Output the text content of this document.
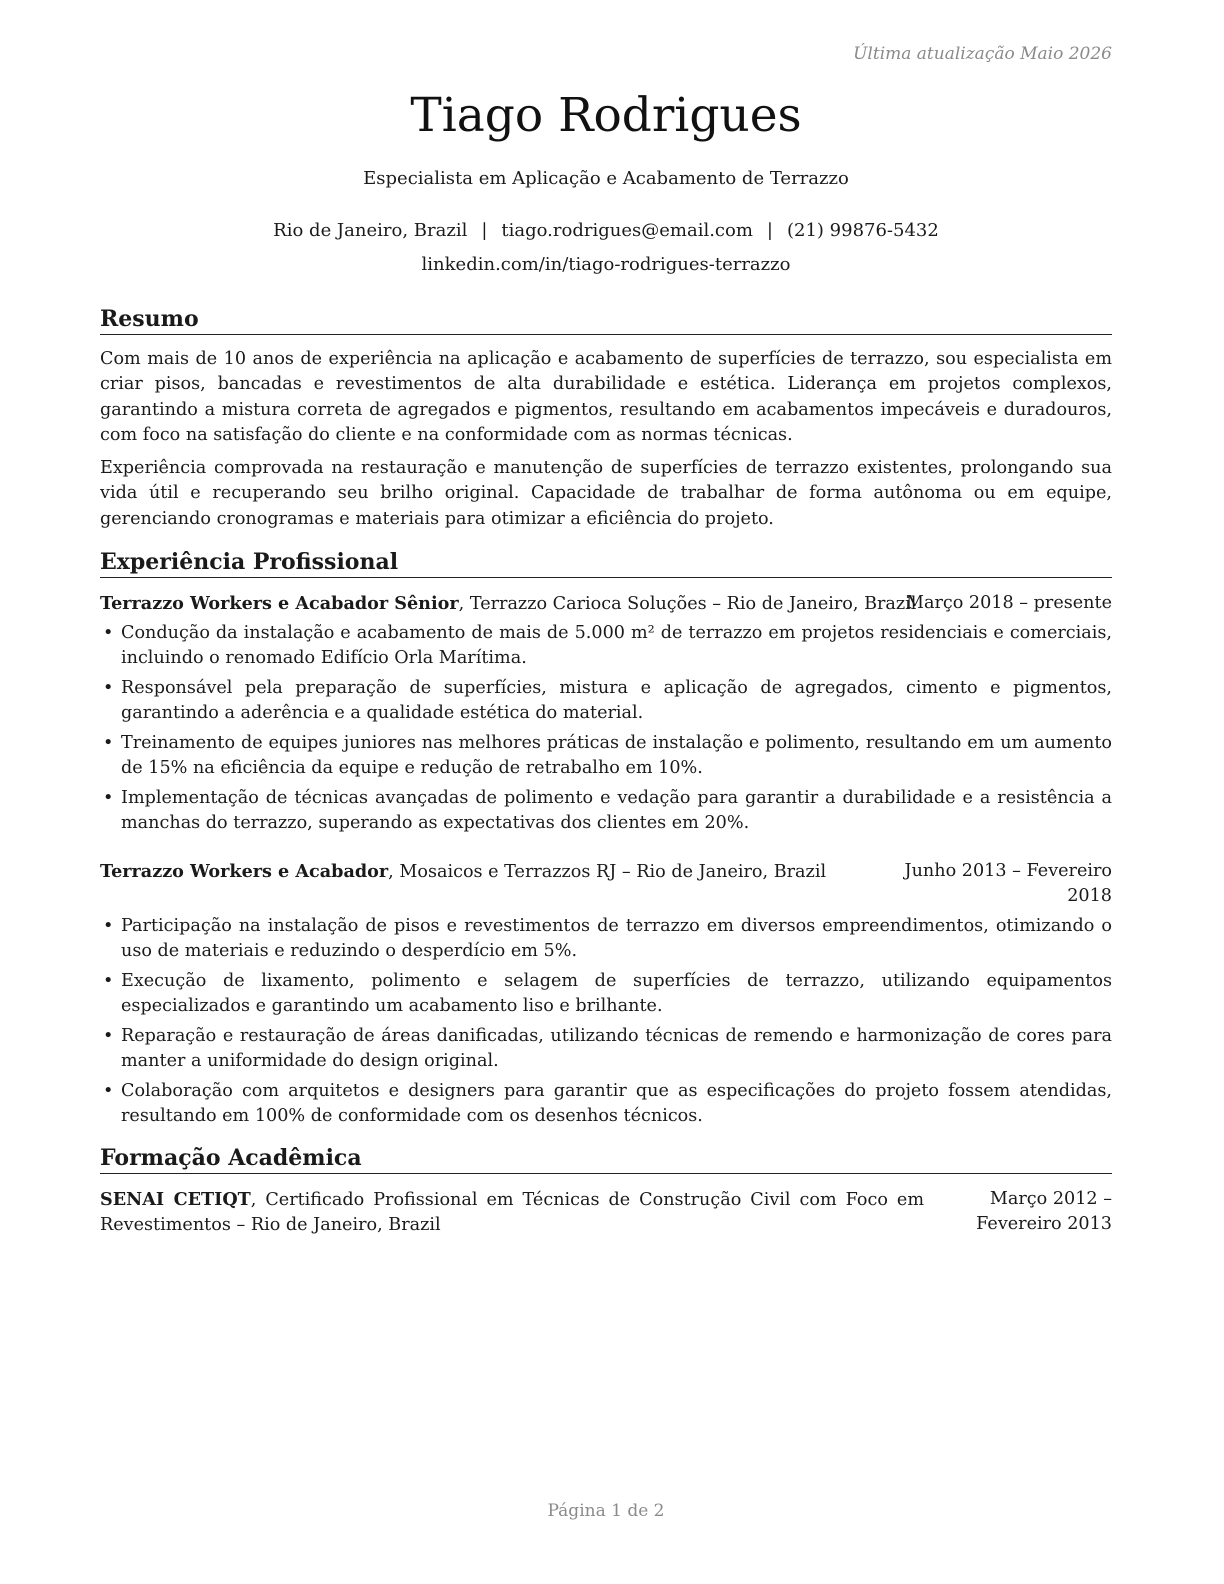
Última atualização Maio 2026
Tiago Rodrigues
Especialista em Aplicação e Acabamento de Terrazzo
Rio de Janeiro, Brazil | tiago.rodrigues@email.com | (21) 99876-5432
linkedin.com/in/tiago-rodrigues-terrazzo
Resumo

Com mais de 10 anos de experiência na aplicação e acabamento de superfícies de terrazzo, sou especialista em criar pisos, bancadas e revestimentos de alta durabilidade e estética. Liderança em projetos complexos, garantindo a mistura correta de agregados e pigmentos, resultando em acabamentos impecáveis e duradouros, com foco na satisfação do cliente e na conformidade com as normas técnicas.

Experiência comprovada na restauração e manutenção de superfícies de terrazzo existentes, prolongando sua vida útil e recuperando seu brilho original. Capacidade de trabalhar de forma autônoma ou em equipe, gerenciando cronogramas e materiais para otimizar a eficiência do projeto.

Experiência Profissional
Terrazzo Workers e Acabador Sênior, Terrazzo Carioca Soluções – Rio de Janeiro, Brazil
Março 2018 – presente
• Condução da instalação e acabamento de mais de 5.000 m² de terrazzo em projetos residenciais e comerciais, incluindo o renomado Edifício Orla Marítima.
• Responsável pela preparação de superfícies, mistura e aplicação de agregados, cimento e pigmentos, garantindo a aderência e a qualidade estética do material.
• Treinamento de equipes juniores nas melhores práticas de instalação e polimento, resultando em um aumento de 15% na eficiência da equipe e redução de retrabalho em 10%.
• Implementação de técnicas avançadas de polimento e vedação para garantir a durabilidade e a resistência a manchas do terrazzo, superando as expectativas dos clientes em 20%.
Terrazzo Workers e Acabador, Mosaicos e Terrazzos RJ – Rio de Janeiro, Brazil	Junho 2013 – Fevereiro 2018
• Participação na instalação de pisos e revestimentos de terrazzo em diversos empreendimentos, otimizando o uso de materiais e reduzindo o desperdício em 5%.
• Execução de lixamento, polimento e selagem de superfícies de terrazzo, utilizando equipamentos especializados e garantindo um acabamento liso e brilhante.
• Reparação e restauração de áreas danificadas, utilizando técnicas de remendo e harmonização de cores para manter a uniformidade do design original.
• Colaboração com arquitetos e designers para garantir que as especificações do projeto fossem atendidas, resultando em 100% de conformidade com os desenhos técnicos.
Formação Acadêmica
SENAI CETIQT, Certificado Profissional em Técnicas de Construção Civil com Foco em Revestimentos – Rio de Janeiro, Brazil
Março 2012 – Fevereiro 2013
Página 1 de 2
